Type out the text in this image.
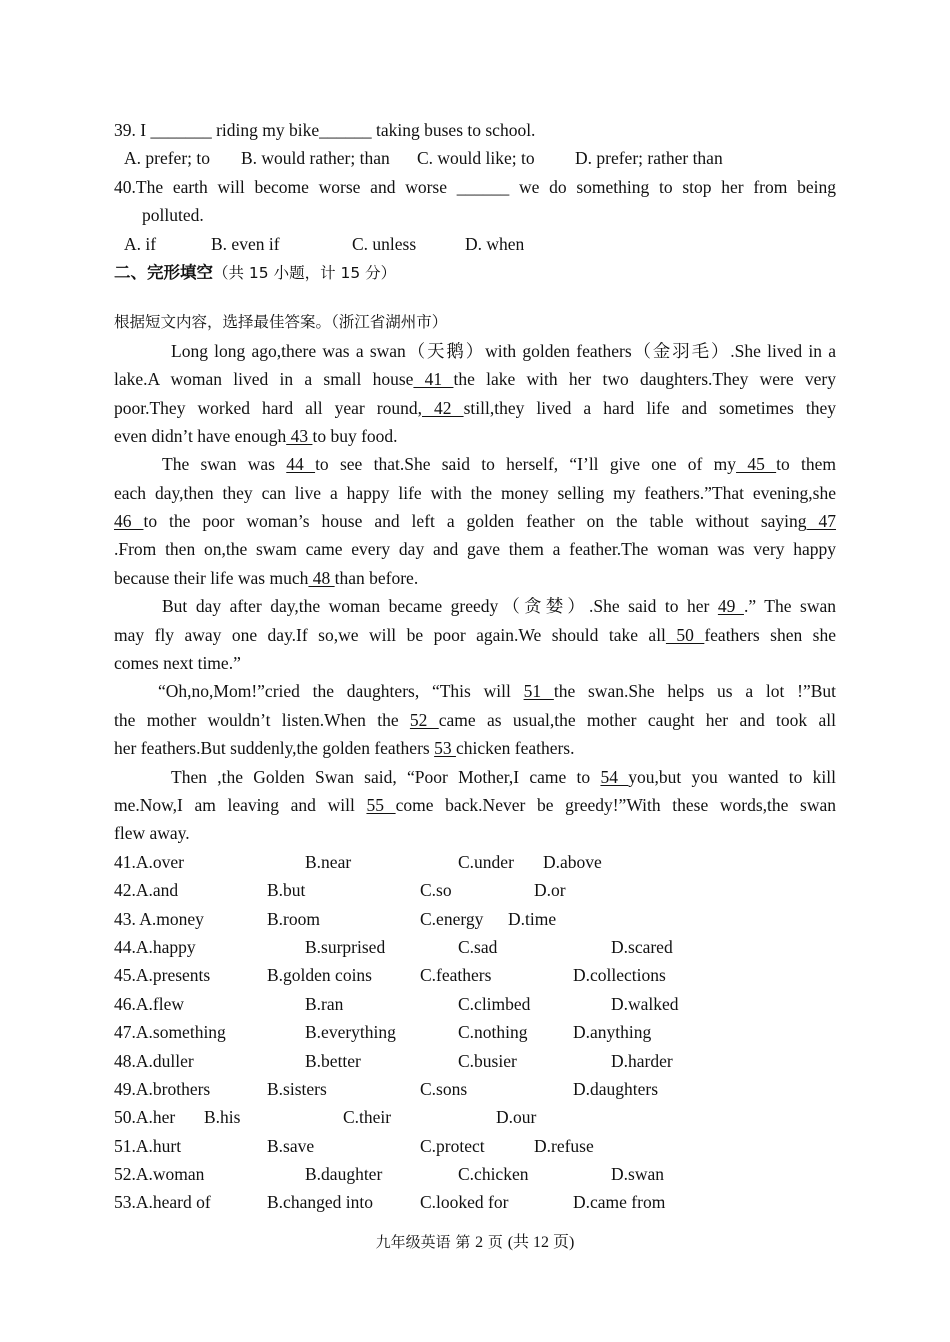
39. I _______ riding my bike______ taking buses to school.
A. prefer; to B. would rather; than C. would like; to D. prefer; rather than
40.The earth will become worse and worse ______ we do something to stop her from being
polluted.
A. if	B. even if	C. unless	D. when
二、完形填空（共 15 小题，计 15 分）
根据短文内容，选择最佳答案。（浙江省湖州市）
Long long ago,there was a swan（天鹅）with golden feathers（金羽毛）.She lived in a
lake.A woman lived in a small house 41 the lake with her two daughters.They were very
poor.They worked hard all year round, 42 still,they lived a hard life and sometimes they
even didn’t have enough 43 to buy food.
The swan was 44 to see that.She said to herself, “I’ll give one of my 45 to them
each day,then they can live a happy life with the money selling my feathers.”That evening,she
46 to the poor woman’s house and left a golden feather on the table without saying 47
.From then on,the swam came every day and gave them a feather.The woman was very happy
because their life was much 48 than before.
But day after day,the woman became greedy（贪婪）.She said to her 49 .” The swan
may fly away one day.If so,we will be poor again.We should take all 50 feathers shen she
comes next time.”
“Oh,no,Mom!”cried the daughters, “This will 51 the swan.She helps us a lot !”But
the mother wouldn’t listen.When the 52 came as usual,the mother caught her and took all
her feathers.But suddenly,the golden feathers 53 chicken feathers.
Then ,the Golden Swan said, “Poor Mother,I came to 54 you,but you wanted to kill
me.Now,I am leaving and will 55 come back.Never be greedy!”With these words,the swan
flew away.
41.A.over	B.near	C.under D.above
42.A.and	B.but	C.so	D.or
43. A.money	B.room	C.energy D.time
44.A.happy	B.surprised	C.sad	D.scared
45.A.presents	B.golden coins	C.feathers	D.collections
46.A.flew	B.ran	C.climbed	D.walked
47.A.something	B.everything	C.nothing	D.anything
48.A.duller	B.better	C.busier	D.harder
49.A.brothers	B.sisters	C.sons	D.daughters
50.A.her B.his	C.their	D.our
51.A.hurt	B.save	C.protect	D.refuse
52.A.woman	B.daughter	C.chicken	D.swan
53.A.heard of	B.changed into	C.looked for	D.came from
九年级英语 第 2 页 (共 12 页)
